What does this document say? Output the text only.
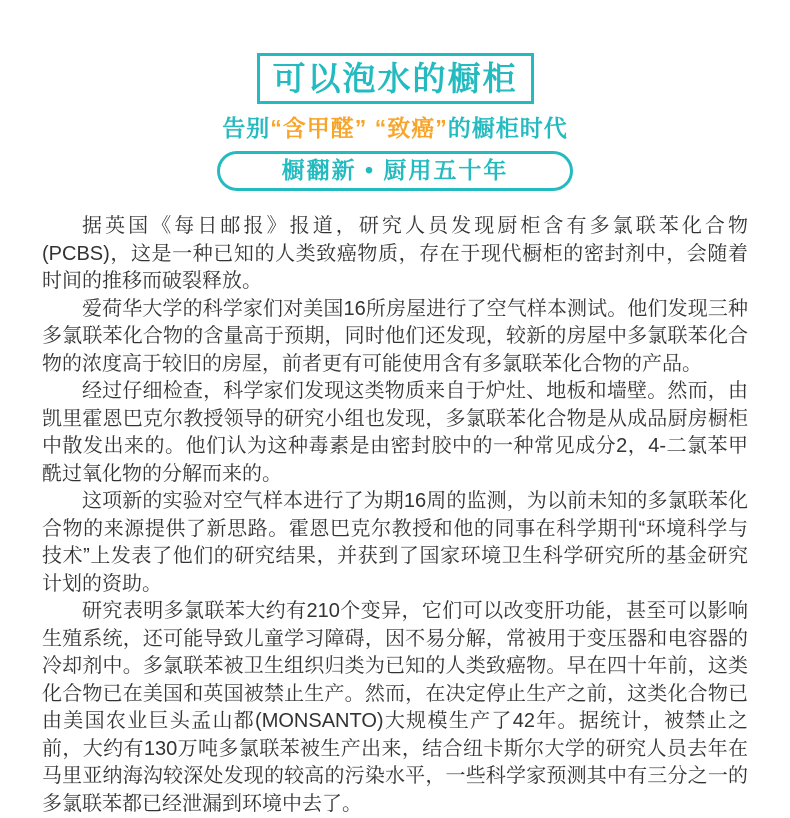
可以泡水的橱柜
告别“含甲醛” “致癌”的橱柜时代
橱翻新 • 厨用五十年

据英国《每日邮报》报道，研究人员发现厨柜含有多氯联苯化合物(PCBS)，这是一种已知的人类致癌物质，存在于现代橱柜的密封剂中，会随着时间的推移而破裂释放。

爱荷华大学的科学家们对美国16所房屋进行了空气样本测试。他们发现三种多氯联苯化合物的含量高于预期，同时他们还发现，较新的房屋中多氯联苯化合物的浓度高于较旧的房屋，前者更有可能使用含有多氯联苯化合物的产品。

经过仔细检查，科学家们发现这类物质来自于炉灶、地板和墙壁。然而，由凯里霍恩巴克尔教授领导的研究小组也发现，多氯联苯化合物是从成品厨房橱柜中散发出来的。他们认为这种毒素是由密封胶中的一种常见成分2，4-二氯苯甲酰过氧化物的分解而来的。

这项新的实验对空气样本进行了为期16周的监测，为以前未知的多氯联苯化合物的来源提供了新思路。霍恩巴克尔教授和他的同事在科学期刊“环境科学与技术”上发表了他们的研究结果，并获到了国家环境卫生科学研究所的基金研究计划的资助。

研究表明多氯联苯大约有210个变异，它们可以改变肝功能，甚至可以影响生殖系统，还可能导致儿童学习障碍，因不易分解，常被用于变压器和电容器的冷却剂中。多氯联苯被卫生组织归类为已知的人类致癌物。早在四十年前，这类化合物已在美国和英国被禁止生产。然而，在决定停止生产之前，这类化合物已由美国农业巨头孟山都(MONSANTO)大规模生产了42年。据统计，被禁止之前，大约有130万吨多氯联苯被生产出来，结合纽卡斯尔大学的研究人员去年在马里亚纳海沟较深处发现的较高的污染水平，一些科学家预测其中有三分之一的多氯联苯都已经泄漏到环境中去了。
